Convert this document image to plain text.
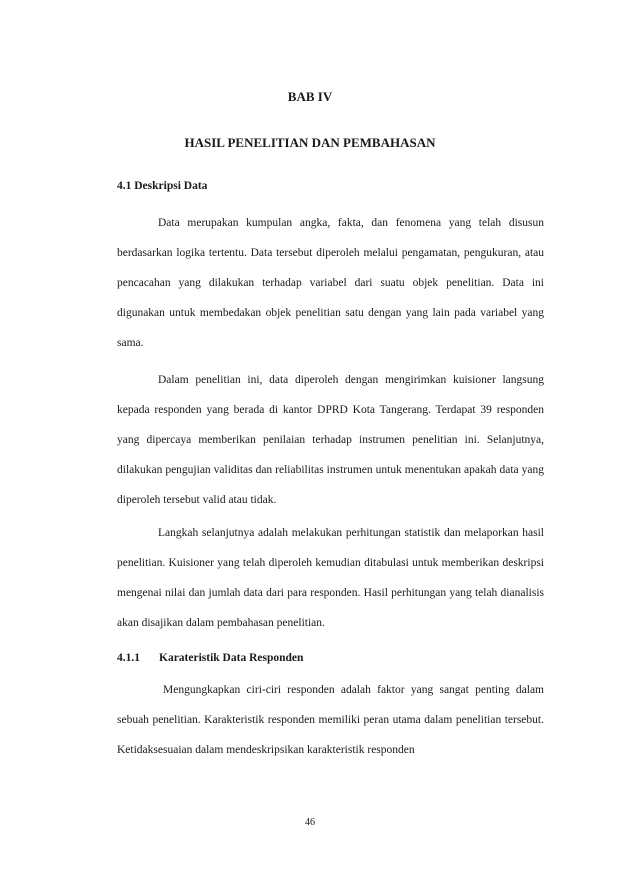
BAB IV
HASIL PENELITIAN DAN PEMBAHASAN
4.1 Deskripsi Data

Data merupakan kumpulan angka, fakta, dan fenomena yang telah disusun berdasarkan logika tertentu. Data tersebut diperoleh melalui pengamatan, pengukuran, atau pencacahan yang dilakukan terhadap variabel dari suatu objek penelitian. Data ini digunakan untuk membedakan objek penelitian satu dengan yang lain pada variabel yang sama.

Dalam penelitian ini, data diperoleh dengan mengirimkan kuisioner langsung kepada responden yang berada di kantor DPRD Kota Tangerang. Terdapat 39 responden yang dipercaya memberikan penilaian terhadap instrumen penelitian ini. Selanjutnya, dilakukan pengujian validitas dan reliabilitas instrumen untuk menentukan apakah data yang diperoleh tersebut valid atau tidak.

Langkah selanjutnya adalah melakukan perhitungan statistik dan melaporkan hasil penelitian. Kuisioner yang telah diperoleh kemudian ditabulasi untuk memberikan deskripsi mengenai nilai dan jumlah data dari para responden. Hasil perhitungan yang telah dianalisis akan disajikan dalam pembahasan penelitian.

4.1.1 Karateristik Data Responden

Mengungkapkan ciri-ciri responden adalah faktor yang sangat penting dalam sebuah penelitian. Karakteristik responden memiliki peran utama dalam penelitian tersebut. Ketidaksesuaian dalam mendeskripsikan karakteristik responden

46
